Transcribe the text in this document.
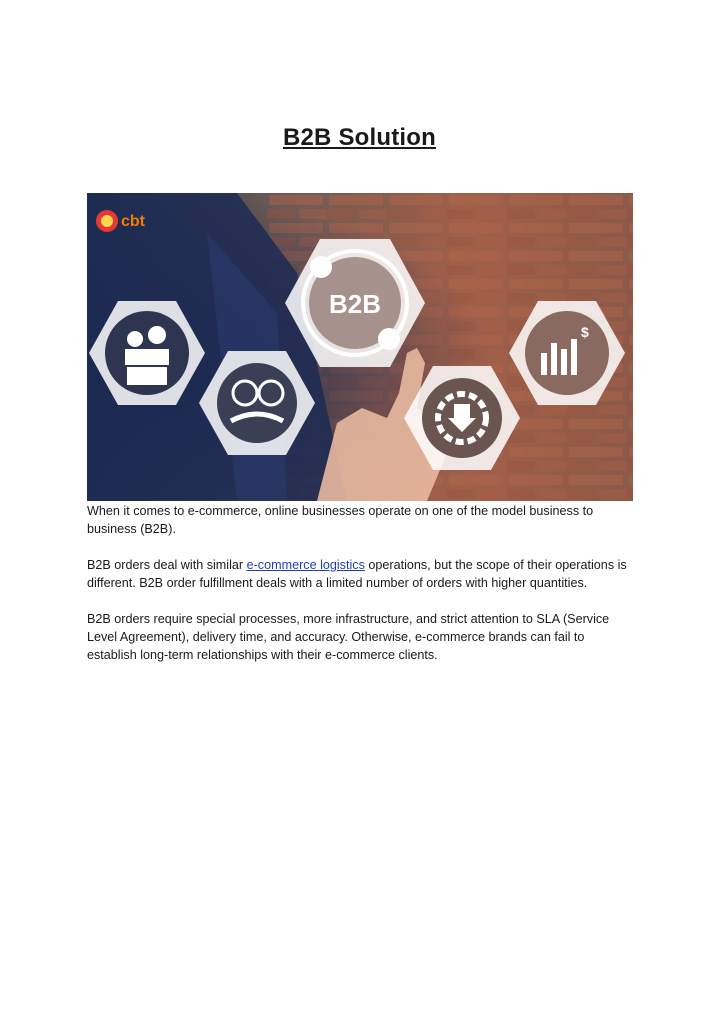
B2B Solution
cbt
B2B
$

When it comes to e-commerce, online businesses operate on one of the model business to business (B2B).

B2B orders deal with similar e-commerce logistics operations, but the scope of their operations is different. B2B order fulfillment deals with a limited number of orders with higher quantities.

B2B orders require special processes, more infrastructure, and strict attention to SLA (Service Level Agreement), delivery time, and accuracy. Otherwise, e-commerce brands can fail to establish long-term relationships with their e-commerce clients.
